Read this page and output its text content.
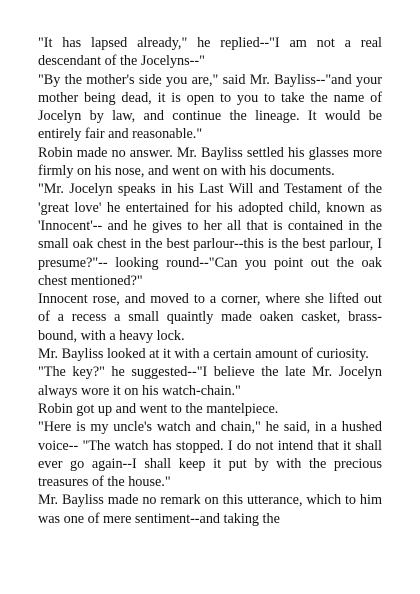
"It has lapsed already," he replied--"I am not a real descendant of the Jocelyns--"

"By the mother's side you are," said Mr. Bayliss--"and your mother being dead, it is open to you to take the name of Jocelyn by law, and continue the lineage. It would be entirely fair and reasonable."

Robin made no answer. Mr. Bayliss settled his glasses more firmly on his nose, and went on with his documents.

"Mr. Jocelyn speaks in his Last Will and Testament of the 'great love' he entertained for his adopted child, known as 'Innocent'-- and he gives to her all that is contained in the small oak chest in the best parlour--this is the best parlour, I presume?"-- looking round--"Can you point out the oak chest mentioned?"

Innocent rose, and moved to a corner, where she lifted out of a recess a small quaintly made oaken casket, brass-bound, with a heavy lock.

Mr. Bayliss looked at it with a certain amount of curiosity.

"The key?" he suggested--"I believe the late Mr. Jocelyn always wore it on his watch-chain."

Robin got up and went to the mantelpiece.

"Here is my uncle's watch and chain," he said, in a hushed voice-- "The watch has stopped. I do not intend that it shall ever go again--I shall keep it put by with the precious treasures of the house."

Mr. Bayliss made no remark on this utterance, which to him was one of mere sentiment--and taking the
